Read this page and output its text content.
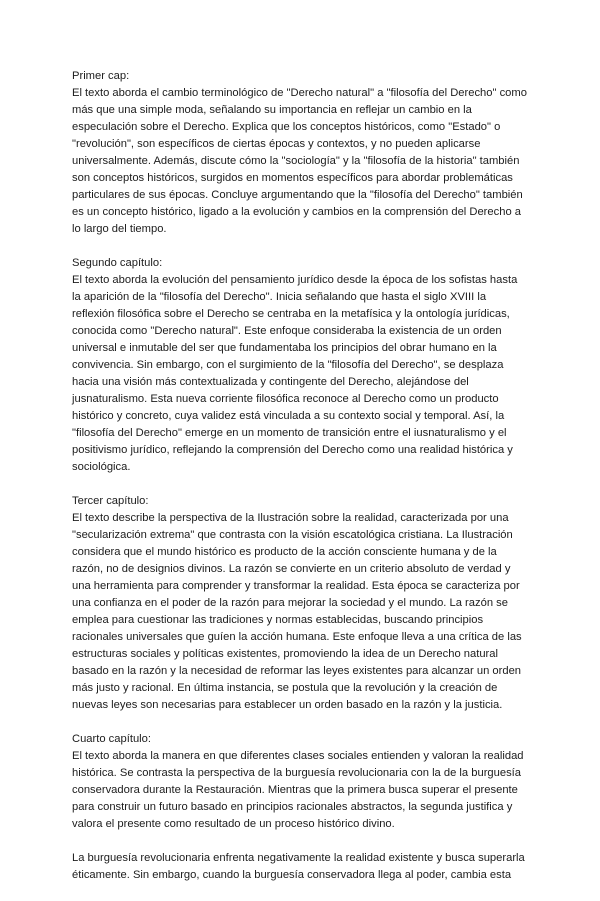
Primer cap:

El texto aborda el cambio terminológico de "Derecho natural" a "filosofía del Derecho" como más que una simple moda, señalando su importancia en reflejar un cambio en la especulación sobre el Derecho. Explica que los conceptos históricos, como "Estado" o "revolución", son específicos de ciertas épocas y contextos, y no pueden aplicarse universalmente. Además, discute cómo la "sociología" y la "filosofía de la historia" también son conceptos históricos, surgidos en momentos específicos para abordar problemáticas particulares de sus épocas. Concluye argumentando que la "filosofía del Derecho" también es un concepto histórico, ligado a la evolución y cambios en la comprensión del Derecho a lo largo del tiempo.

Segundo capítulo:

El texto aborda la evolución del pensamiento jurídico desde la época de los sofistas hasta la aparición de la "filosofía del Derecho". Inicia señalando que hasta el siglo XVIII la reflexión filosófica sobre el Derecho se centraba en la metafísica y la ontología jurídicas, conocida como "Derecho natural". Este enfoque consideraba la existencia de un orden universal e inmutable del ser que fundamentaba los principios del obrar humano en la convivencia. Sin embargo, con el surgimiento de la "filosofía del Derecho", se desplaza hacia una visión más contextualizada y contingente del Derecho, alejándose del jusnaturalismo. Esta nueva corriente filosófica reconoce al Derecho como un producto histórico y concreto, cuya validez está vinculada a su contexto social y temporal. Así, la "filosofía del Derecho" emerge en un momento de transición entre el iusnaturalismo y el positivismo jurídico, reflejando la comprensión del Derecho como una realidad histórica y sociológica.

Tercer capítulo:

El texto describe la perspectiva de la Ilustración sobre la realidad, caracterizada por una "secularización extrema" que contrasta con la visión escatológica cristiana. La Ilustración considera que el mundo histórico es producto de la acción consciente humana y de la razón, no de designios divinos. La razón se convierte en un criterio absoluto de verdad y una herramienta para comprender y transformar la realidad. Esta época se caracteriza por una confianza en el poder de la razón para mejorar la sociedad y el mundo. La razón se emplea para cuestionar las tradiciones y normas establecidas, buscando principios racionales universales que guíen la acción humana. Este enfoque lleva a una crítica de las estructuras sociales y políticas existentes, promoviendo la idea de un Derecho natural basado en la razón y la necesidad de reformar las leyes existentes para alcanzar un orden más justo y racional. En última instancia, se postula que la revolución y la creación de nuevas leyes son necesarias para establecer un orden basado en la razón y la justicia.

Cuarto capítulo:

El texto aborda la manera en que diferentes clases sociales entienden y valoran la realidad histórica. Se contrasta la perspectiva de la burguesía revolucionaria con la de la burguesía conservadora durante la Restauración. Mientras que la primera busca superar el presente para construir un futuro basado en principios racionales abstractos, la segunda justifica y valora el presente como resultado de un proceso histórico divino.

La burguesía revolucionaria enfrenta negativamente la realidad existente y busca superarla éticamente. Sin embargo, cuando la burguesía conservadora llega al poder, cambia esta
